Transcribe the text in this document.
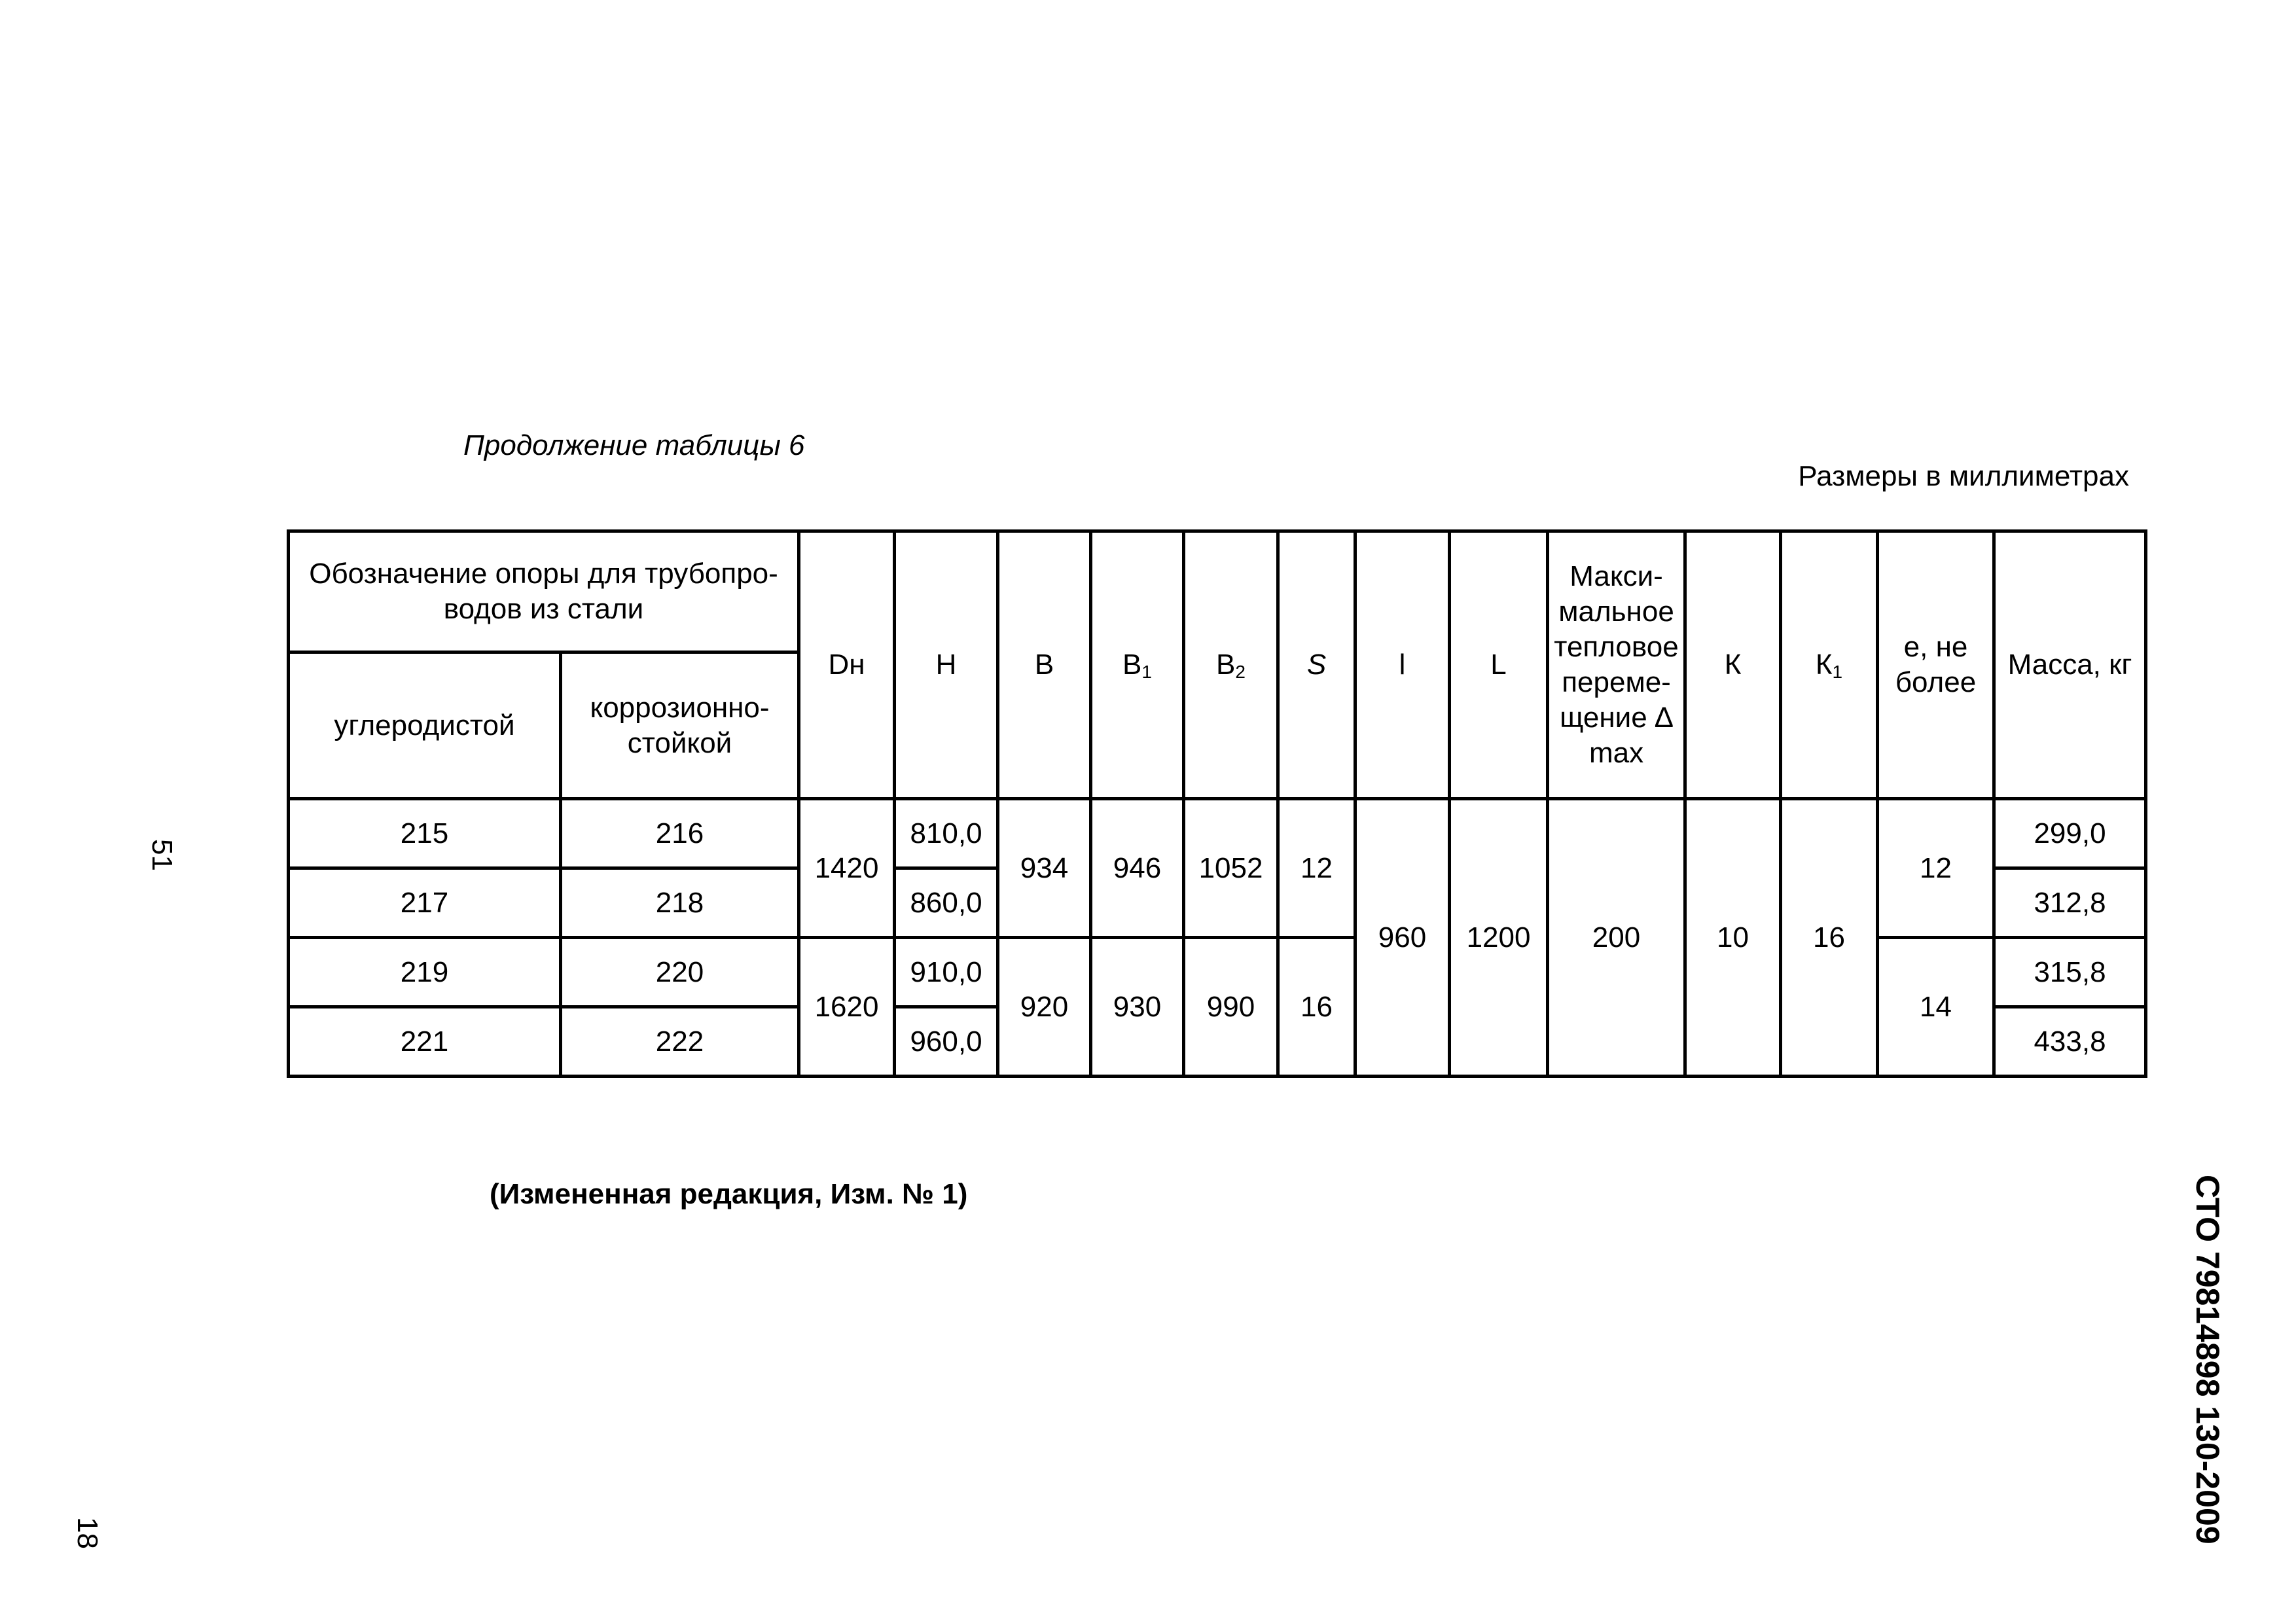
Продолжение таблицы 6
Размеры в миллиметрах
Обозначение опоры для трубопро-водов из стали		Dн	H	B	$B_1$	$B_2$	S	l	L	Макси-мальное тепловое переме-щение ∆ max	К	$К_1$	e, не более	Масса, кг
углеродистой	коррозионно-стойкой													
215	216	1420	810,0	934	946	1052	12	960	1200	200	10	16	12	299,0
217	218		860,0											312,8
219	220	1620	910,0	920	930	990	16						14	315,8
221	222		960,0											433,8
(Измененная редакция, Изм. № 1)
51
18	СТО 79814898 130-2009
